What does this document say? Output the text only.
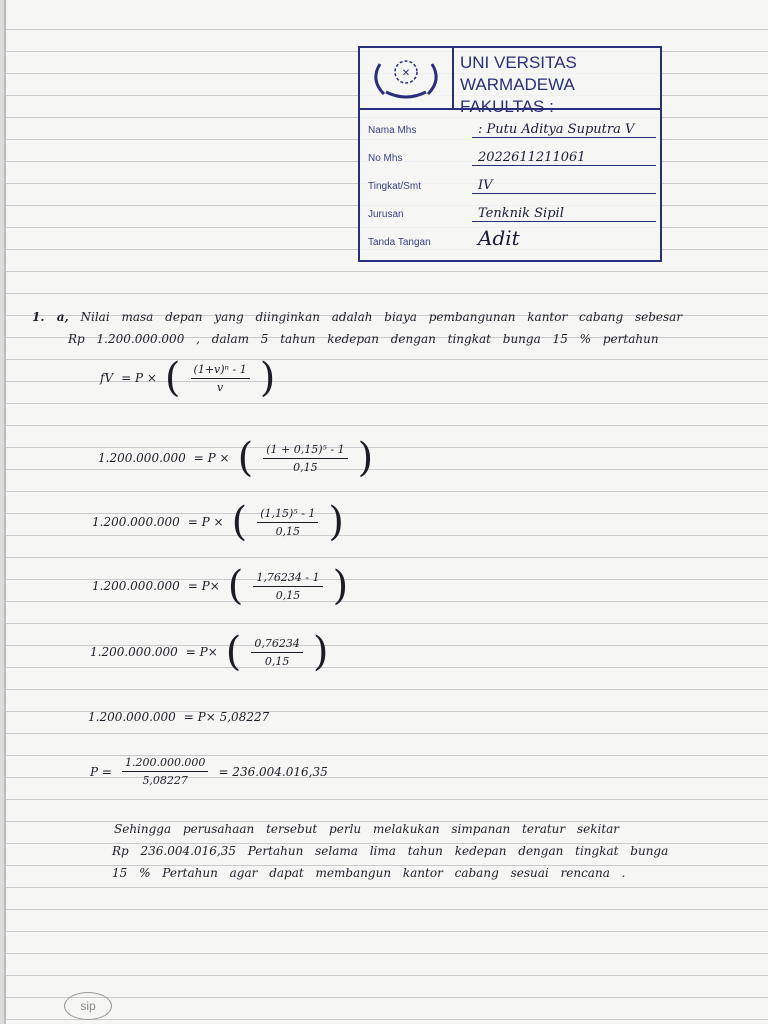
✕
UNI VERSITAS WARMADEWA
FAKULTAS :
Nama Mhs	: Putu Aditya Suputra V
No Mhs	2022611211061
Tingkat/Smt	IV
Jurusan	Tenknik Sipil
Tanda Tangan	Adit
1. a, Nilai masa depan yang diinginkan adalah biaya pembangunan kantor cabang sebesar
Rp 1.200.000.000 , dalam 5 tahun kedepan dengan tingkat bunga 15 % pertahun
fV = P × ( $\frac{\text{(1+v)ⁿ - 1}}{v}$ )
1.200.000.000 = P × ( $\frac{\text{(1 + 0,15)⁵ - 1}}{0,15}$ )
1.200.000.000 = P × ( $\frac{\text{(1,15)⁵ - 1}}{0,15}$ )
1.200.000.000 = P× ( $\frac{1,76234 - 1}{0,15}$ )
1.200.000.000 = P× ( $\frac{0,76234}{0,15}$ )
1.200.000.000 = P× 5,08227
$P = \frac{1.200.000.000}{5,08227} = 236.004.016,35$
Sehingga perusahaan tersebut perlu melakukan simpanan teratur sekitar
Rp 236.004.016,35 Pertahun selama lima tahun kedepan dengan tingkat bunga
15 % Pertahun agar dapat membangun kantor cabang sesuai rencana .
sip
